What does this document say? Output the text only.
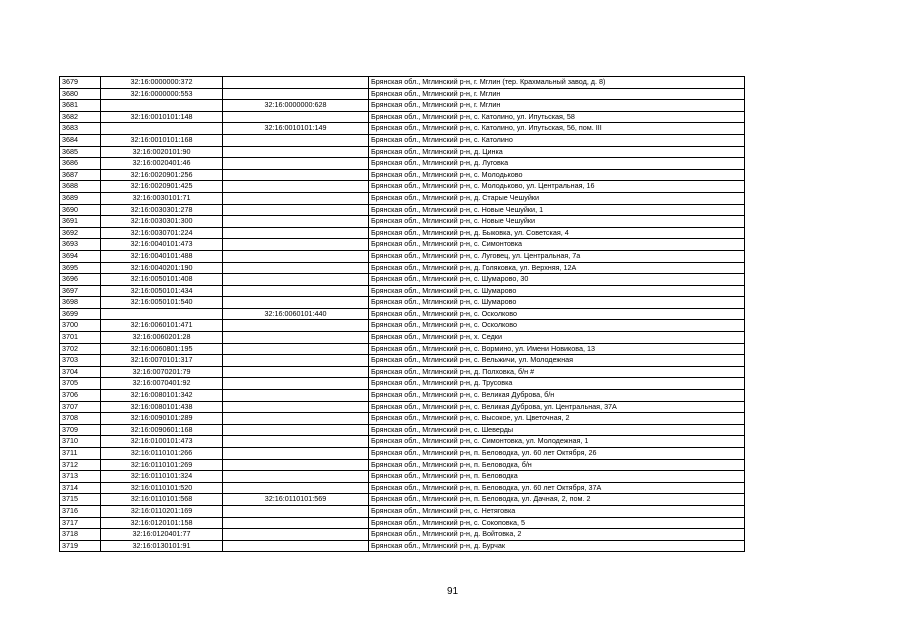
3679	32:16:0000000:372		Брянская обл., Мглинский р-н, г. Мглин (тер. Крахмальный завод, д. 8)
3680	32:16:0000000:553		Брянская обл., Мглинский р-н, г. Мглин
3681		32:16:0000000:628	Брянская обл., Мглинский р-н, г. Мглин
3682	32:16:0010101:148		Брянская обл., Мглинский р-н, с. Католино, ул. Ипутьская, 58
3683		32:16:0010101:149	Брянская обл., Мглинский р-н, с. Католино, ул. Ипутьская, 56, пом. III
3684	32:16:0010101:168		Брянская обл., Мглинский р-н, с. Католино
3685	32:16:0020101:90		Брянская обл., Мглинский р-н, д. Цинка
3686	32:16:0020401:46		Брянская обл., Мглинский р-н, д. Луговка
3687	32:16:0020901:256		Брянская обл., Мглинский р-н, с. Молодьково
3688	32:16:0020901:425		Брянская обл., Мглинский р-н, с. Молодьково, ул. Центральная, 16
3689	32:16:0030101:71		Брянская обл., Мглинский р-н, д. Старые Чешуйки
3690	32:16:0030301:278		Брянская обл., Мглинский р-н, с. Новые Чешуйки, 1
3691	32:16:0030301:300		Брянская обл., Мглинский р-н, с. Новые Чешуйки
3692	32:16:0030701:224		Брянская обл., Мглинский р-н, д. Быковка, ул. Советская, 4
3693	32:16:0040101:473		Брянская обл., Мглинский р-н, с. Симонтовка
3694	32:16:0040101:488		Брянская обл., Мглинский р-н, с. Луговец, ул. Центральная, 7а
3695	32:16:0040201:190		Брянская обл., Мглинский р-н, д. Голяковка, ул. Верхняя, 12А
3696	32:16:0050101:408		Брянская обл., Мглинский р-н, с. Шумарово, 30
3697	32:16:0050101:434		Брянская обл., Мглинский р-н, с. Шумарово
3698	32:16:0050101:540		Брянская обл., Мглинский р-н, с. Шумарово
3699		32:16:0060101:440	Брянская обл., Мглинский р-н, с. Осколково
3700	32:16:0060101:471		Брянская обл., Мглинский р-н, с. Осколково
3701	32:16:0060201:28		Брянская обл., Мглинский р-н, х. Седки
3702	32:16:0060801:195		Брянская обл., Мглинский р-н, с. Вормино, ул. Имени Новикова, 13
3703	32:16:0070101:317		Брянская обл., Мглинский р-н, с. Вельжичи, ул. Молодежная
3704	32:16:0070201:79		Брянская обл., Мглинский р-н, д. Полховка, б/н #
3705	32:16:0070401:92		Брянская обл., Мглинский р-н, д. Трусовка
3706	32:16:0080101:342		Брянская обл., Мглинский р-н, с. Великая Дуброва, б/н
3707	32:16:0080101:438		Брянская обл., Мглинский р-н, с. Великая Дуброва, ул. Центральная, 37А
3708	32:16:0090101:289		Брянская обл., Мглинский р-н, с. Высокое, ул. Цветочная, 2
3709	32:16:0090601:168		Брянская обл., Мглинский р-н, с. Шеверды
3710	32:16:0100101:473		Брянская обл., Мглинский р-н, с. Симонтовка, ул. Молодежная, 1
3711	32:16:0110101:266		Брянская обл., Мглинский р-н, п. Беловодка, ул. 60 лет Октября, 26
3712	32:16:0110101:269		Брянская обл., Мглинский р-н, п. Беловодка, б/н
3713	32:16:0110101:324		Брянская обл., Мглинский р-н, п. Беловодка
3714	32:16:0110101:520		Брянская обл., Мглинский р-н, п. Беловодка, ул. 60 лет Октября, 37А
3715	32:16:0110101:568	32:16:0110101:569	Брянская обл., Мглинский р-н, п. Беловодка, ул. Дачная, 2, пом. 2
3716	32:16:0110201:169		Брянская обл., Мглинский р-н, с. Нетяговка
3717	32:16:0120101:158		Брянская обл., Мглинский р-н, с. Сокоповка, 5
3718	32:16:0120401:77		Брянская обл., Мглинский р-н, д. Войтовка, 2
3719	32:16:0130101:91		Брянская обл., Мглинский р-н, д. Бурчак
91
